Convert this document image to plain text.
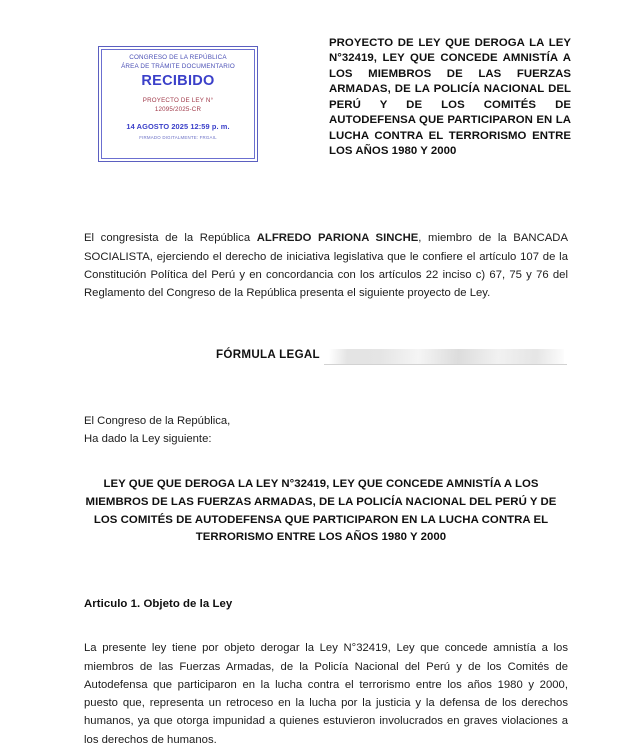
CONGRESO DE LA REPÚBLICA
ÁREA DE TRÁMITE DOCUMENTARIO
RECIBIDO
PROYECTO DE LEY N°
12095/2025-CR
14 AGOSTO 2025 12:59 p. m.
FIRMADO DIGITALMENTE: FRGAIL
PROYECTO DE LEY QUE DEROGA LA LEY N°32419, LEY QUE CONCEDE AMNISTÍA A LOS MIEMBROS DE LAS FUERZAS ARMADAS, DE LA POLICÍA NACIONAL DEL PERÚ Y DE LOS COMITÉS DE AUTODEFENSA QUE PARTICIPARON EN LA LUCHA CONTRA EL TERRORISMO ENTRE LOS AÑOS 1980 Y 2000

El congresista de la República ALFREDO PARIONA SINCHE, miembro de la BANCADA SOCIALISTA, ejerciendo el derecho de iniciativa legislativa que le confiere el artículo 107 de la Constitución Política del Perú y en concordancia con los artículos 22 inciso c) 67, 75 y 76 del Reglamento del Congreso de la República presenta el siguiente proyecto de Ley.

FÓRMULA LEGAL
El Congreso de la República,
Ha dado la Ley siguiente:
LEY QUE QUE DEROGA LA LEY N°32419, LEY QUE CONCEDE AMNISTÍA A LOS MIEMBROS DE LAS FUERZAS ARMADAS, DE LA POLICÍA NACIONAL DEL PERÚ Y DE LOS COMITÉS DE AUTODEFENSA QUE PARTICIPARON EN LA LUCHA CONTRA EL TERRORISMO ENTRE LOS AÑOS 1980 Y 2000
Articulo 1. Objeto de la Ley

La presente ley tiene por objeto derogar la Ley N°32419, Ley que concede amnistía a los miembros de las Fuerzas Armadas, de la Policía Nacional del Perú y de los Comités de Autodefensa que participaron en la lucha contra el terrorismo entre los años 1980 y 2000, puesto que, representa un retroceso en la lucha por la justicia y la defensa de los derechos humanos, ya que otorga impunidad a quienes estuvieron involucrados en graves violaciones a los derechos de humanos.
